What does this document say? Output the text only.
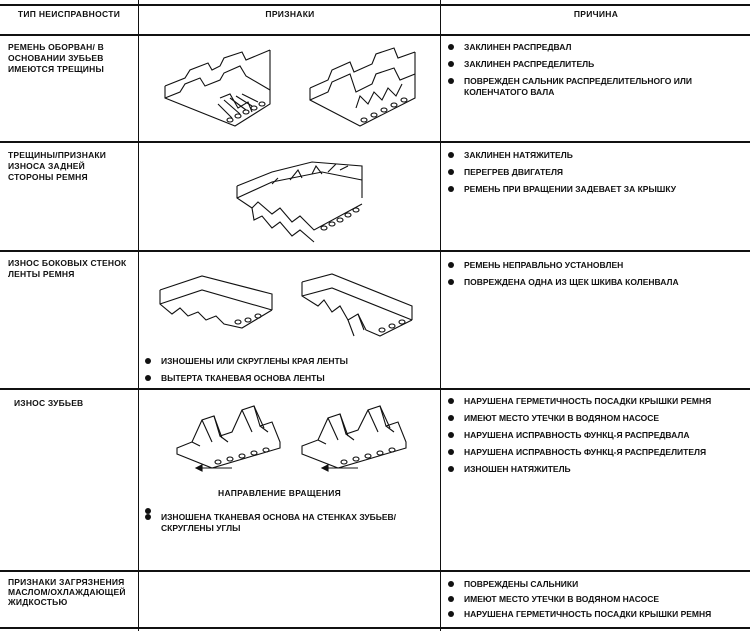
ТИП НЕИСПРАВНОСТИ	ПРИЗНАКИ	ПРИЧИНА
РЕМЕНЬ ОБОРВАН/ В ОСНОВАНИИ ЗУБЬЕВ ИМЕЮТСЯ ТРЕЩИНЫ
ЗАКЛИНЕН РАСПРЕДВАЛ
ЗАКЛИНЕН РАСПРЕДЕЛИТЕЛЬ
ПОВРЕЖДЕН САЛЬНИК РАСПРЕДЕЛИТЕЛЬНОГО ИЛИ КОЛЕНЧАТОГО ВАЛА
ТРЕЩИНЫ/ПРИЗНАКИ ИЗНОСА ЗАДНЕЙ СТОРОНЫ РЕМНЯ
ЗАКЛИНЕН НАТЯЖИТЕЛЬ
ПЕРЕГРЕВ ДВИГАТЕЛЯ
РЕМЕНЬ ПРИ ВРАЩЕНИИ ЗАДЕВАЕТ ЗА КРЫШКУ
ИЗНОС БОКОВЫХ СТЕНОК ЛЕНТЫ РЕМНЯ
ИЗНОШЕНЫ ИЛИ СКРУГЛЕНЫ КРАЯ ЛЕНТЫ
ВЫТЕРТА ТКАНЕВАЯ ОСНОВА ЛЕНТЫ
РЕМЕНЬ НЕПРАВЛЬНО УСТАНОВЛЕН
ПОВРЕЖДЕНА ОДНА ИЗ ЩЕК ШКИВА КОЛЕНВАЛА
ИЗНОС ЗУБЬЕВ
НАПРАВЛЕНИЕ ВРАЩЕНИЯ
ИЗНОШЕНА ТКАНЕВАЯ ОСНОВА НА СТЕНКАХ ЗУБЬЕВ/ СКРУГЛЕНЫ УГЛЫ
НАРУШЕНА ГЕРМЕТИЧНОСТЬ ПОСАДКИ КРЫШКИ РЕМНЯ
ИМЕЮТ МЕСТО УТЕЧКИ В ВОДЯНОМ НАСОСЕ
НАРУШЕНА ИСПРАВНОСТЬ ФУНКЦ-Я РАСПРЕДВАЛА
НАРУШЕНА ИСПРАВНОСТЬ ФУНКЦ-Я РАСПРЕДЕЛИТЕЛЯ
ИЗНОШЕН НАТЯЖИТЕЛЬ
ПРИЗНАКИ ЗАГРЯЗНЕНИЯ МАСЛОМ/ОХЛАЖДАЮЩЕЙ ЖИДКОСТЬЮ
ПОВРЕЖДЕНЫ САЛЬНИКИ
ИМЕЮТ МЕСТО УТЕЧКИ В ВОДЯНОМ НАСОСЕ
НАРУШЕНА ГЕРМЕТИЧНОСТЬ ПОСАДКИ КРЫШКИ РЕМНЯ
